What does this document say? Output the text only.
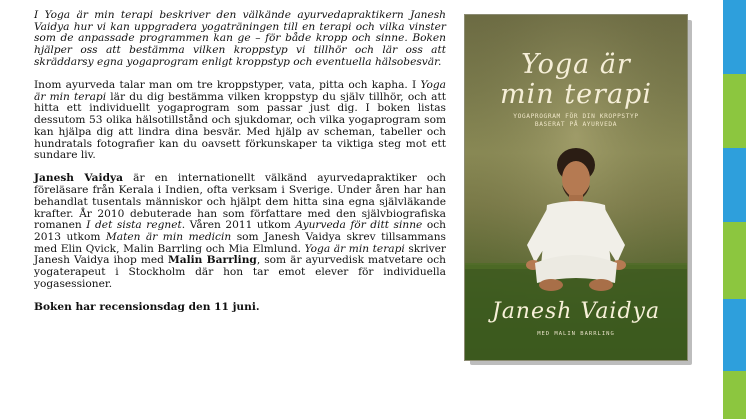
I Yoga är min terapi beskriver den välkände ayurvedapraktikern Janesh Vaidya hur vi kan uppgradera yogaträningen till en terapi och vilka vinster som de anpassade programmen kan ge – för både kropp och sinne. Boken hjälper oss att bestämma vilken kroppstyp vi tillhör och lär oss att skräddarsy egna yogaprogram enligt kroppstyp och eventuella hälsobesvär.

Inom ayurveda talar man om tre kroppstyper, vata, pitta och kapha. I Yoga är min terapi lär du dig bestämma vilken kroppstyp du själv tillhör, och att hitta ett individuellt yogaprogram som passar just dig. I boken listas dessutom 53 olika hälsotillstånd och sjukdomar, och vilka yogaprogram som kan hjälpa dig att lindra dina besvär. Med hjälp av scheman, tabeller och hundratals fotografier kan du oavsett förkunskaper ta viktiga steg mot ett sundare liv.

Janesh Vaidya är en internationellt välkänd ayurvedapraktiker och föreläsare från Kerala i Indien, ofta verksam i Sverige. Under åren har han behandlat tusentals människor och hjälpt dem hitta sina egna självläkande krafter. År 2010 debuterade han som författare med den självbiografiska romanen I det sista regnet. Våren 2011 utkom Ayurveda för ditt sinne och 2013 utkom Maten är min medicin som Janesh Vaidya skrev tillsammans med Elin Qvick, Malin Barrling och Mia Elmlund. Yoga är min terapi skriver Janesh Vaidya ihop med Malin Barrling, som är ayurvedisk matvetare och yogaterapeut i Stockholm där hon tar emot elever för individuella yogasessioner.

Boken har recensionsdag den 11 juni.

Yoga är
min terapi
YOGAPROGRAM FÖR DIN KROPPSTYP
BASERAT PÅ AYURVEDA
Janesh Vaidya
MED MALIN BARRLING
